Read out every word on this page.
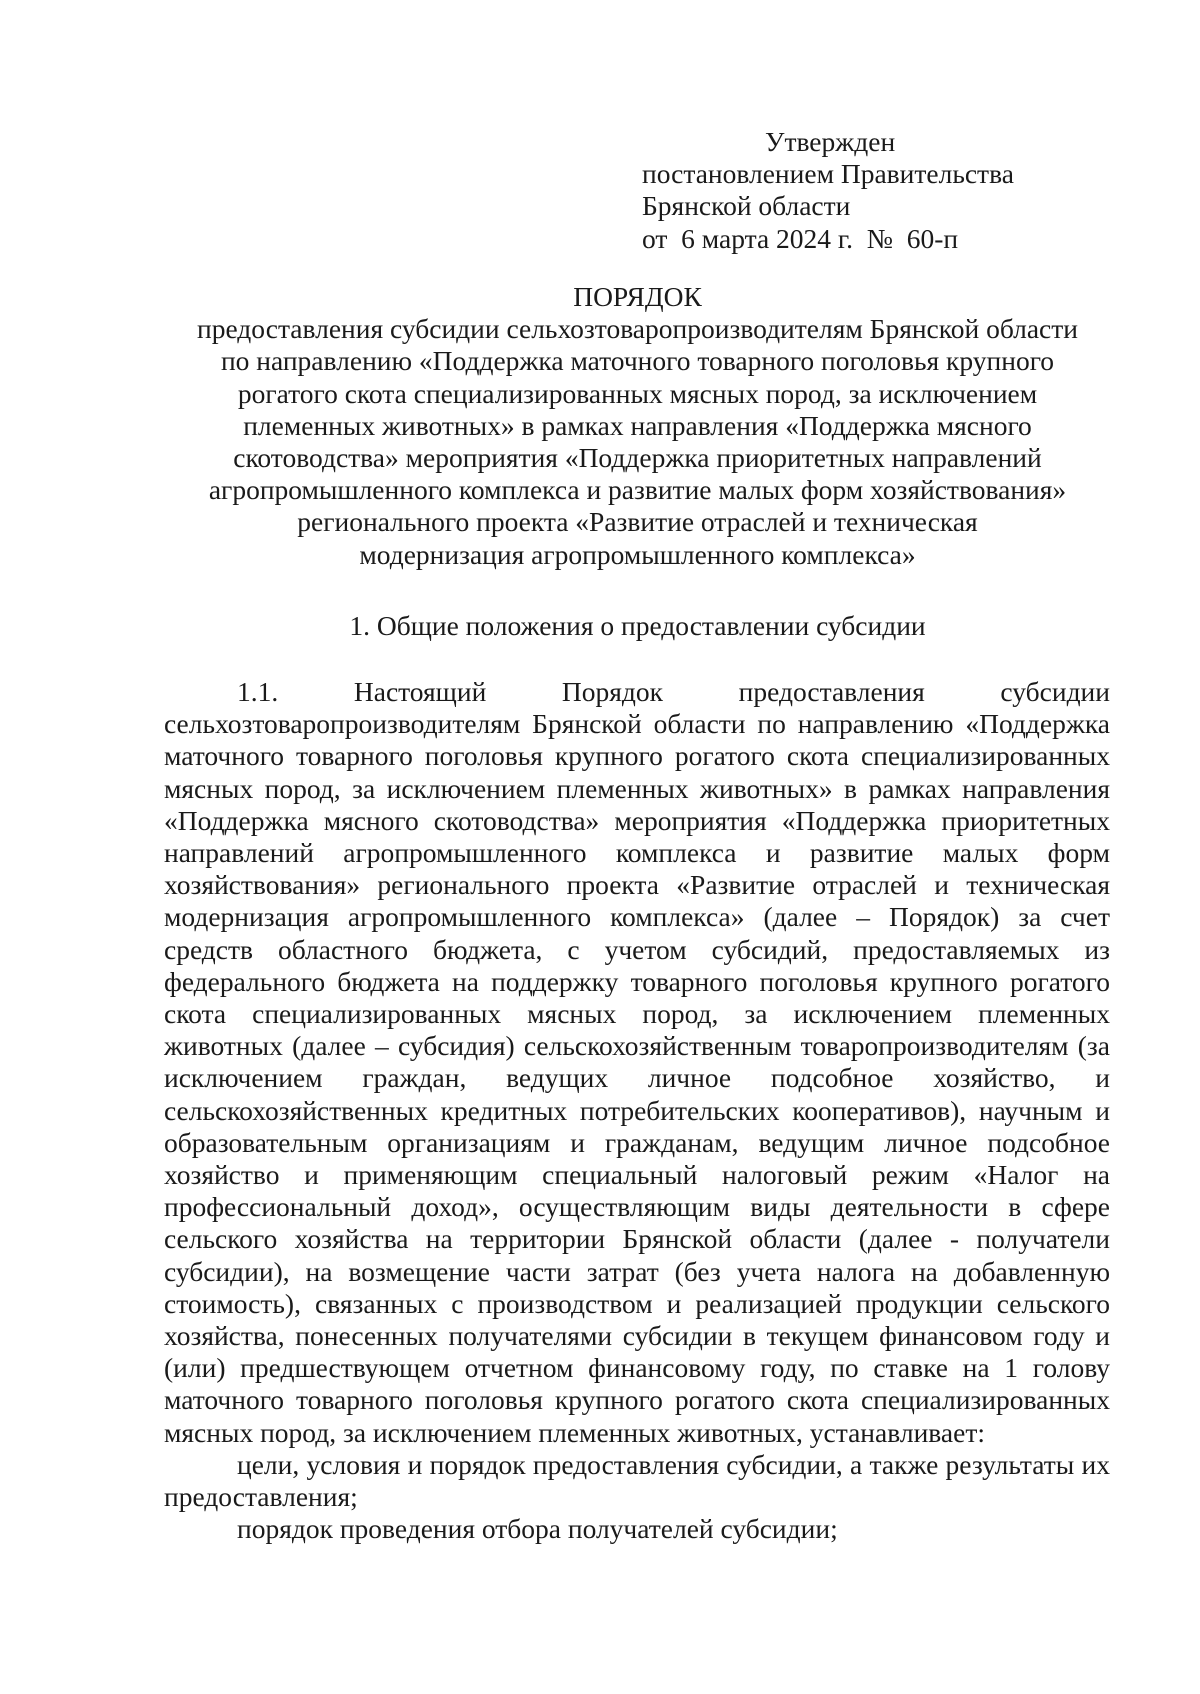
Утвержден
постановлением Правительства
Брянской области
от  6 марта 2024 г.  №  60-п
ПОРЯДОК
предоставления субсидии сельхозтоваропроизводителям Брянской области
по направлению «Поддержка маточного товарного поголовья крупного
рогатого скота специализированных мясных пород, за исключением
племенных животных» в рамках направления «Поддержка мясного
скотоводства» мероприятия «Поддержка приоритетных направлений
агропромышленного комплекса и развитие малых форм хозяйствования»
регионального проекта «Развитие отраслей и техническая
модернизация агропромышленного комплекса»
1. Общие положения о предоставлении субсидии

1.1. Настоящий Порядок предоставления субсидии сельхозтоваропроизводителям Брянской области по направлению «Поддержка маточного товарного поголовья крупного рогатого скота специализированных мясных пород, за исключением племенных животных» в рамках направления «Поддержка мясного скотоводства» мероприятия «Поддержка приоритетных направлений агропромышленного комплекса и развитие малых форм хозяйствования» регионального проекта «Развитие отраслей и техническая модернизация агропромышленного комплекса» (далее – Порядок) за счет средств областного бюджета, с учетом субсидий, предоставляемых из федерального бюджета на поддержку товарного поголовья крупного рогатого скота специализированных мясных пород, за исключением племенных животных (далее – субсидия) сельскохозяйственным товаропроизводителям (за исключением граждан, ведущих личное подсобное хозяйство, и сельскохозяйственных кредитных потребительских кооперативов), научным и образовательным организациям и гражданам, ведущим личное подсобное хозяйство и применяющим специальный налоговый режим «Налог на профессиональный доход», осуществляющим виды деятельности в сфере сельского хозяйства на территории Брянской области (далее - получатели субсидии), на возмещение части затрат (без учета налога на добавленную стоимость), связанных с производством и реализацией продукции сельского хозяйства, понесенных получателями субсидии в текущем финансовом году и (или) предшествующем отчетном финансовому году, по ставке на 1 голову маточного товарного поголовья крупного рогатого скота специализированных мясных пород, за исключением племенных животных, устанавливает:

цели, условия и порядок предоставления субсидии, а также результаты их предоставления;

порядок проведения отбора получателей субсидии;
